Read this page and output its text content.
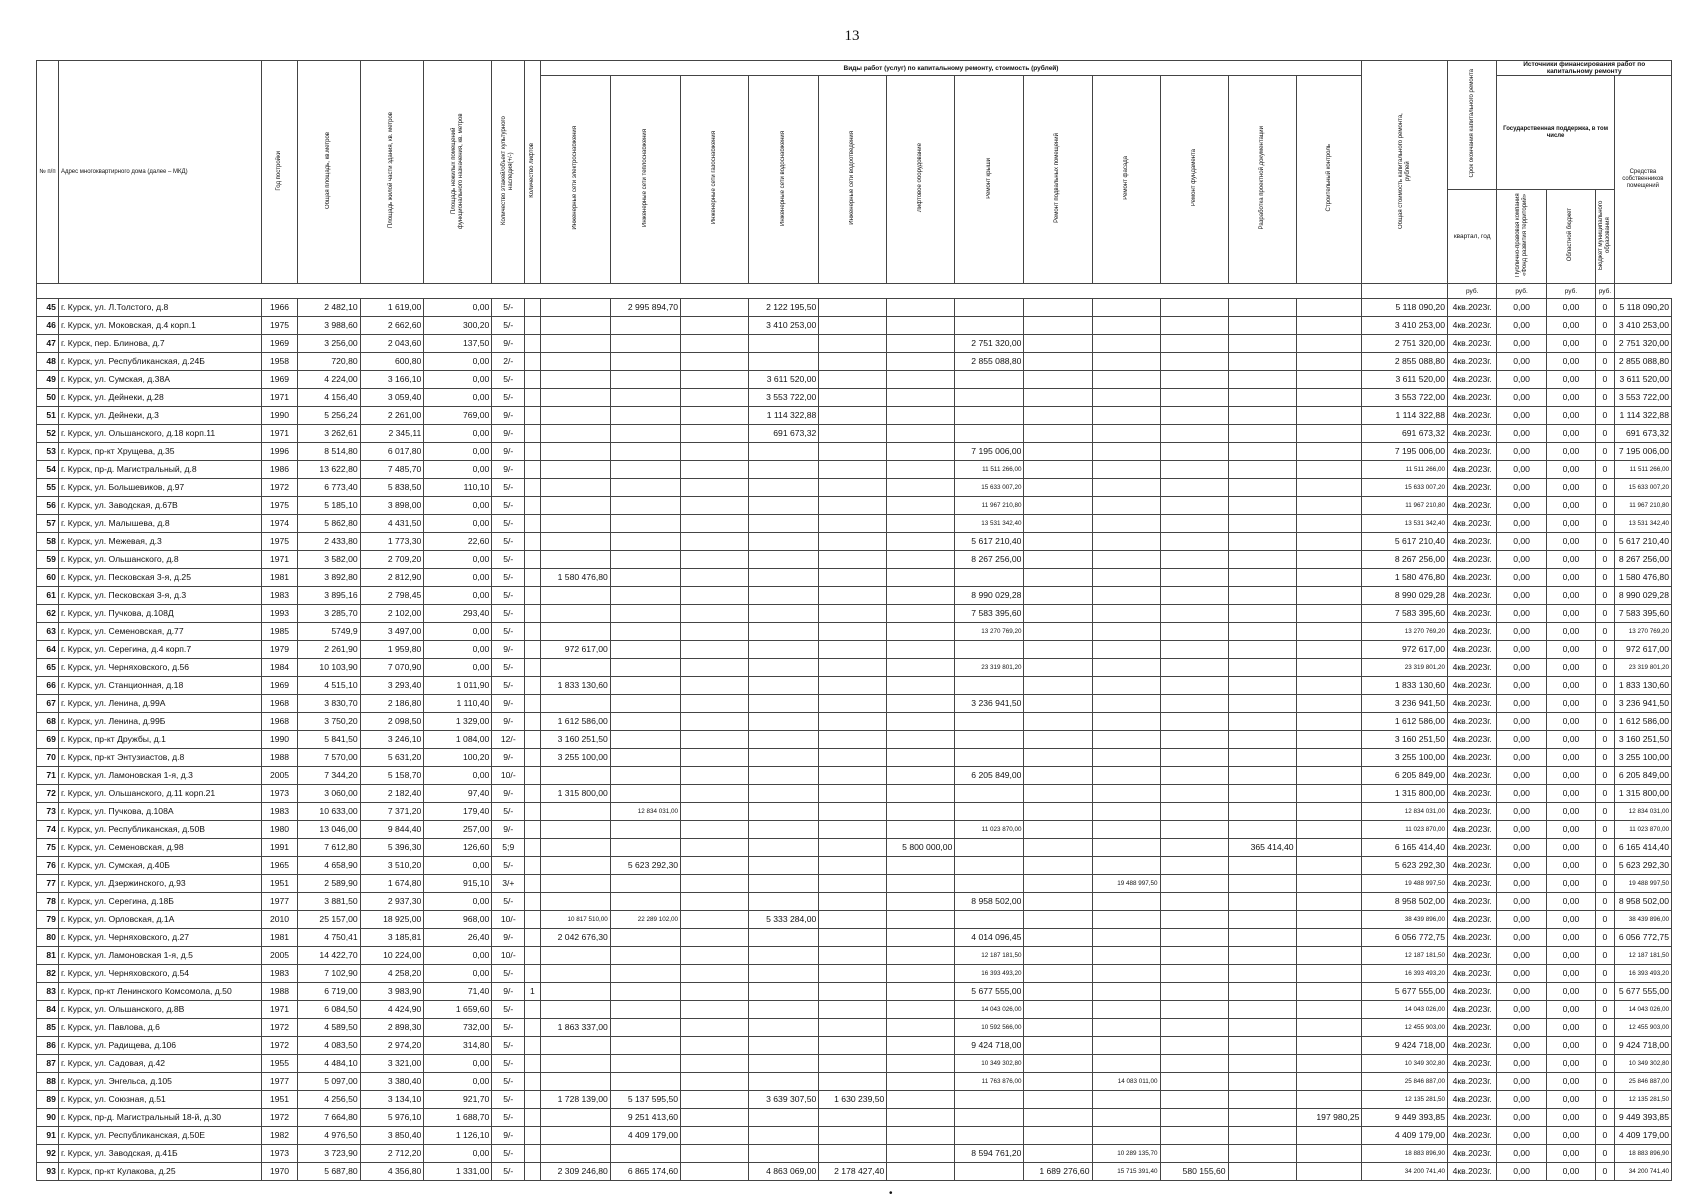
13
№ п/п	Адрес многоквартирного дома (далее – МКД)	Год постройки	Общая площадь, кв.метров	Площадь жилой части здания, кв. метров	Площадь нежилых помещений функционального назначения, кв. метров	Количество этажей/объект культурного наследия(+/-)	Количество лифтов	Виды работ (услуг) по капитальному ремонту, стоимость (рублей)												Общая стоимость капитального ремонта, рублей	Срок окончания капитального ремонта	Источники финансирования работ по капитальному ремонту			
								Инженерные сети электроснабжения	Инженерные сети теплоснабжения	Инженерные сети газоснабжения	Инженерные сети водоснабжения	Инженерные сети водоотведения	Лифтовое оборудование	Ремонт крыши	Ремонт подвальных помещений	Ремонт фасада	Ремонт фундамента	Разработка проектной документации	Строительный контроль			Государственная поддержка, в том числе			Средства собственников помещений
																					квартал, год	Публично-правовая компания «Фонд развития территорий»	Областной бюджет	Бюджет муниципального образования	
																					руб.	руб.	руб.	руб.	
45	г. Курск, ул. Л.Толстого, д.8	1966	2 482,10	1 619,00	0,00	5/-			2 995 894,70		2 122 195,50									5 118 090,20	4кв.2023г.	0,00	0,00	0	5 118 090,20
46	г. Курск, ул. Моковская, д.4 корп.1	1975	3 988,60	2 662,60	300,20	5/-					3 410 253,00									3 410 253,00	4кв.2023г.	0,00	0,00	0	3 410 253,00
47	г. Курск, пер. Блинова, д.7	1969	3 256,00	2 043,60	137,50	9/-								2 751 320,00						2 751 320,00	4кв.2023г.	0,00	0,00	0	2 751 320,00
48	г. Курск, ул. Республиканская, д.24Б	1958	720,80	600,80	0,00	2/-								2 855 088,80						2 855 088,80	4кв.2023г.	0,00	0,00	0	2 855 088,80
49	г. Курск, ул. Сумская, д.38А	1969	4 224,00	3 166,10	0,00	5/-					3 611 520,00									3 611 520,00	4кв.2023г.	0,00	0,00	0	3 611 520,00
50	г. Курск, ул. Дейнеки, д.28	1971	4 156,40	3 059,40	0,00	5/-					3 553 722,00									3 553 722,00	4кв.2023г.	0,00	0,00	0	3 553 722,00
51	г. Курск, ул. Дейнеки, д.3	1990	5 256,24	2 261,00	769,00	9/-					1 114 322,88									1 114 322,88	4кв.2023г.	0,00	0,00	0	1 114 322,88
52	г. Курск, ул. Ольшанского, д.18 корп.11	1971	3 262,61	2 345,11	0,00	9/-					691 673,32									691 673,32	4кв.2023г.	0,00	0,00	0	691 673,32
53	г. Курск, пр-кт Хрущева, д.35	1996	8 514,80	6 017,80	0,00	9/-								7 195 006,00						7 195 006,00	4кв.2023г.	0,00	0,00	0	7 195 006,00
54	г. Курск, пр-д. Магистральный, д.8	1986	13 622,80	7 485,70	0,00	9/-								11 511 266,00						11 511 266,00	4кв.2023г.	0,00	0,00	0	11 511 266,00
55	г. Курск, ул. Большевиков, д.97	1972	6 773,40	5 838,50	110,10	5/-								15 633 007,20						15 633 007,20	4кв.2023г.	0,00	0,00	0	15 633 007,20
56	г. Курск, ул. Заводская, д.67В	1975	5 185,10	3 898,00	0,00	5/-								11 967 210,80						11 967 210,80	4кв.2023г.	0,00	0,00	0	11 967 210,80
57	г. Курск, ул. Малышева, д.8	1974	5 862,80	4 431,50	0,00	5/-								13 531 342,40						13 531 342,40	4кв.2023г.	0,00	0,00	0	13 531 342,40
58	г. Курск, ул. Межевая, д.3	1975	2 433,80	1 773,30	22,60	5/-								5 617 210,40						5 617 210,40	4кв.2023г.	0,00	0,00	0	5 617 210,40
59	г. Курск, ул. Ольшанского, д.8	1971	3 582,00	2 709,20	0,00	5/-								8 267 256,00						8 267 256,00	4кв.2023г.	0,00	0,00	0	8 267 256,00
60	г. Курск, ул. Песковская 3-я, д.25	1981	3 892,80	2 812,90	0,00	5/-		1 580 476,80												1 580 476,80	4кв.2023г.	0,00	0,00	0	1 580 476,80
61	г. Курск, ул. Песковская 3-я, д.3	1983	3 895,16	2 798,45	0,00	5/-								8 990 029,28						8 990 029,28	4кв.2023г.	0,00	0,00	0	8 990 029,28
62	г. Курск, ул. Пучкова, д.108Д	1993	3 285,70	2 102,00	293,40	5/-								7 583 395,60						7 583 395,60	4кв.2023г.	0,00	0,00	0	7 583 395,60
63	г. Курск, ул. Семеновская, д.77	1985	5749,9	3 497,00	0,00	5/-								13 270 769,20						13 270 769,20	4кв.2023г.	0,00	0,00	0	13 270 769,20
64	г. Курск, ул. Серегина, д.4 корп.7	1979	2 261,90	1 959,80	0,00	9/-		972 617,00												972 617,00	4кв.2023г.	0,00	0,00	0	972 617,00
65	г. Курск, ул. Черняховского, д.56	1984	10 103,90	7 070,90	0,00	5/-								23 319 801,20						23 319 801,20	4кв.2023г.	0,00	0,00	0	23 319 801,20
66	г. Курск, ул. Станционная, д.18	1969	4 515,10	3 293,40	1 011,90	5/-		1 833 130,60												1 833 130,60	4кв.2023г.	0,00	0,00	0	1 833 130,60
67	г. Курск, ул. Ленина, д.99А	1968	3 830,70	2 186,80	1 110,40	9/-								3 236 941,50						3 236 941,50	4кв.2023г.	0,00	0,00	0	3 236 941,50
68	г. Курск, ул. Ленина, д.99Б	1968	3 750,20	2 098,50	1 329,00	9/-		1 612 586,00												1 612 586,00	4кв.2023г.	0,00	0,00	0	1 612 586,00
69	г. Курск, пр-кт Дружбы, д.1	1990	5 841,50	3 246,10	1 084,00	12/-		3 160 251,50												3 160 251,50	4кв.2023г.	0,00	0,00	0	3 160 251,50
70	г. Курск, пр-кт Энтузиастов, д.8	1988	7 570,00	5 631,20	100,20	9/-		3 255 100,00												3 255 100,00	4кв.2023г.	0,00	0,00	0	3 255 100,00
71	г. Курск, ул. Ламоновская 1-я, д.3	2005	7 344,20	5 158,70	0,00	10/-								6 205 849,00						6 205 849,00	4кв.2023г.	0,00	0,00	0	6 205 849,00
72	г. Курск, ул. Ольшанского, д.11 корп.21	1973	3 060,00	2 182,40	97,40	9/-		1 315 800,00												1 315 800,00	4кв.2023г.	0,00	0,00	0	1 315 800,00
73	г. Курск, ул. Пучкова, д.108А	1983	10 633,00	7 371,20	179,40	5/-			12 834 031,00											12 834 031,00	4кв.2023г.	0,00	0,00	0	12 834 031,00
74	г. Курск, ул. Республиканская, д.50В	1980	13 046,00	9 844,40	257,00	9/-								11 023 870,00						11 023 870,00	4кв.2023г.	0,00	0,00	0	11 023 870,00
75	г. Курск, ул. Семеновская, д.98	1991	7 612,80	5 396,30	126,60	5;9							5 800 000,00					365 414,40		6 165 414,40	4кв.2023г.	0,00	0,00	0	6 165 414,40
76	г. Курск, ул. Сумская, д.40Б	1965	4 658,90	3 510,20	0,00	5/-			5 623 292,30											5 623 292,30	4кв.2023г.	0,00	0,00	0	5 623 292,30
77	г. Курск, ул. Дзержинского, д.93	1951	2 589,90	1 674,80	915,10	3/+										19 488 997,50				19 488 997,50	4кв.2023г.	0,00	0,00	0	19 488 997,50
78	г. Курск, ул. Серегина, д.18Б	1977	3 881,50	2 937,30	0,00	5/-								8 958 502,00						8 958 502,00	4кв.2023г.	0,00	0,00	0	8 958 502,00
79	г. Курск, ул. Орловская, д.1А	2010	25 157,00	18 925,00	968,00	10/-		10 817 510,00	22 289 102,00		5 333 284,00									38 439 896,00	4кв.2023г.	0,00	0,00	0	38 439 896,00
80	г. Курск, ул. Черняховского, д.27	1981	4 750,41	3 185,81	26,40	9/-		2 042 676,30						4 014 096,45						6 056 772,75	4кв.2023г.	0,00	0,00	0	6 056 772,75
81	г. Курск, ул. Ламоновская 1-я, д.5	2005	14 422,70	10 224,00	0,00	10/-								12 187 181,50						12 187 181,50	4кв.2023г.	0,00	0,00	0	12 187 181,50
82	г. Курск, ул. Черняховского, д.54	1983	7 102,90	4 258,20	0,00	5/-								16 393 493,20						16 393 493,20	4кв.2023г.	0,00	0,00	0	16 393 493,20
83	г. Курск, пр-кт Ленинского Комсомола, д.50	1988	6 719,00	3 983,90	71,40	9/-	1							5 677 555,00						5 677 555,00	4кв.2023г.	0,00	0,00	0	5 677 555,00
84	г. Курск, ул. Ольшанского, д.8В	1971	6 084,50	4 424,90	1 659,60	5/-								14 043 026,00						14 043 026,00	4кв.2023г.	0,00	0,00	0	14 043 026,00
85	г. Курск, ул. Павлова, д.6	1972	4 589,50	2 898,30	732,00	5/-		1 863 337,00						10 592 566,00						12 455 903,00	4кв.2023г.	0,00	0,00	0	12 455 903,00
86	г. Курск, ул. Радищева, д.106	1972	4 083,50	2 974,20	314,80	5/-								9 424 718,00						9 424 718,00	4кв.2023г.	0,00	0,00	0	9 424 718,00
87	г. Курск, ул. Садовая, д.42	1955	4 484,10	3 321,00	0,00	5/-								10 349 302,80						10 349 302,80	4кв.2023г.	0,00	0,00	0	10 349 302,80
88	г. Курск, ул. Энгельса, д.105	1977	5 097,00	3 380,40	0,00	5/-								11 763 876,00		14 083 011,00				25 846 887,00	4кв.2023г.	0,00	0,00	0	25 846 887,00
89	г. Курск, ул. Союзная, д.51	1951	4 256,50	3 134,10	921,70	5/-		1 728 139,00	5 137 595,50		3 639 307,50	1 630 239,50								12 135 281,50	4кв.2023г.	0,00	0,00	0	12 135 281,50
90	г. Курск, пр-д. Магистральный 18-й, д.30	1972	7 664,80	5 976,10	1 688,70	5/-			9 251 413,60										197 980,25	9 449 393,85	4кв.2023г.	0,00	0,00	0	9 449 393,85
91	г. Курск, ул. Республиканская, д.50Е	1982	4 976,50	3 850,40	1 126,10	9/-			4 409 179,00											4 409 179,00	4кв.2023г.	0,00	0,00	0	4 409 179,00
92	г. Курск, ул. Заводская, д.41Б	1973	3 723,90	2 712,20	0,00	5/-								8 594 761,20		10 289 135,70				18 883 896,90	4кв.2023г.	0,00	0,00	0	18 883 896,90
93	г. Курск, пр-кт Кулакова, д.25	1970	5 687,80	4 356,80	1 331,00	5/-		2 309 246,80	6 865 174,60		4 863 069,00	2 178 427,40			1 689 276,60	15 715 391,40	580 155,60			34 200 741,40	4кв.2023г.	0,00	0,00	0	34 200 741,40
•
